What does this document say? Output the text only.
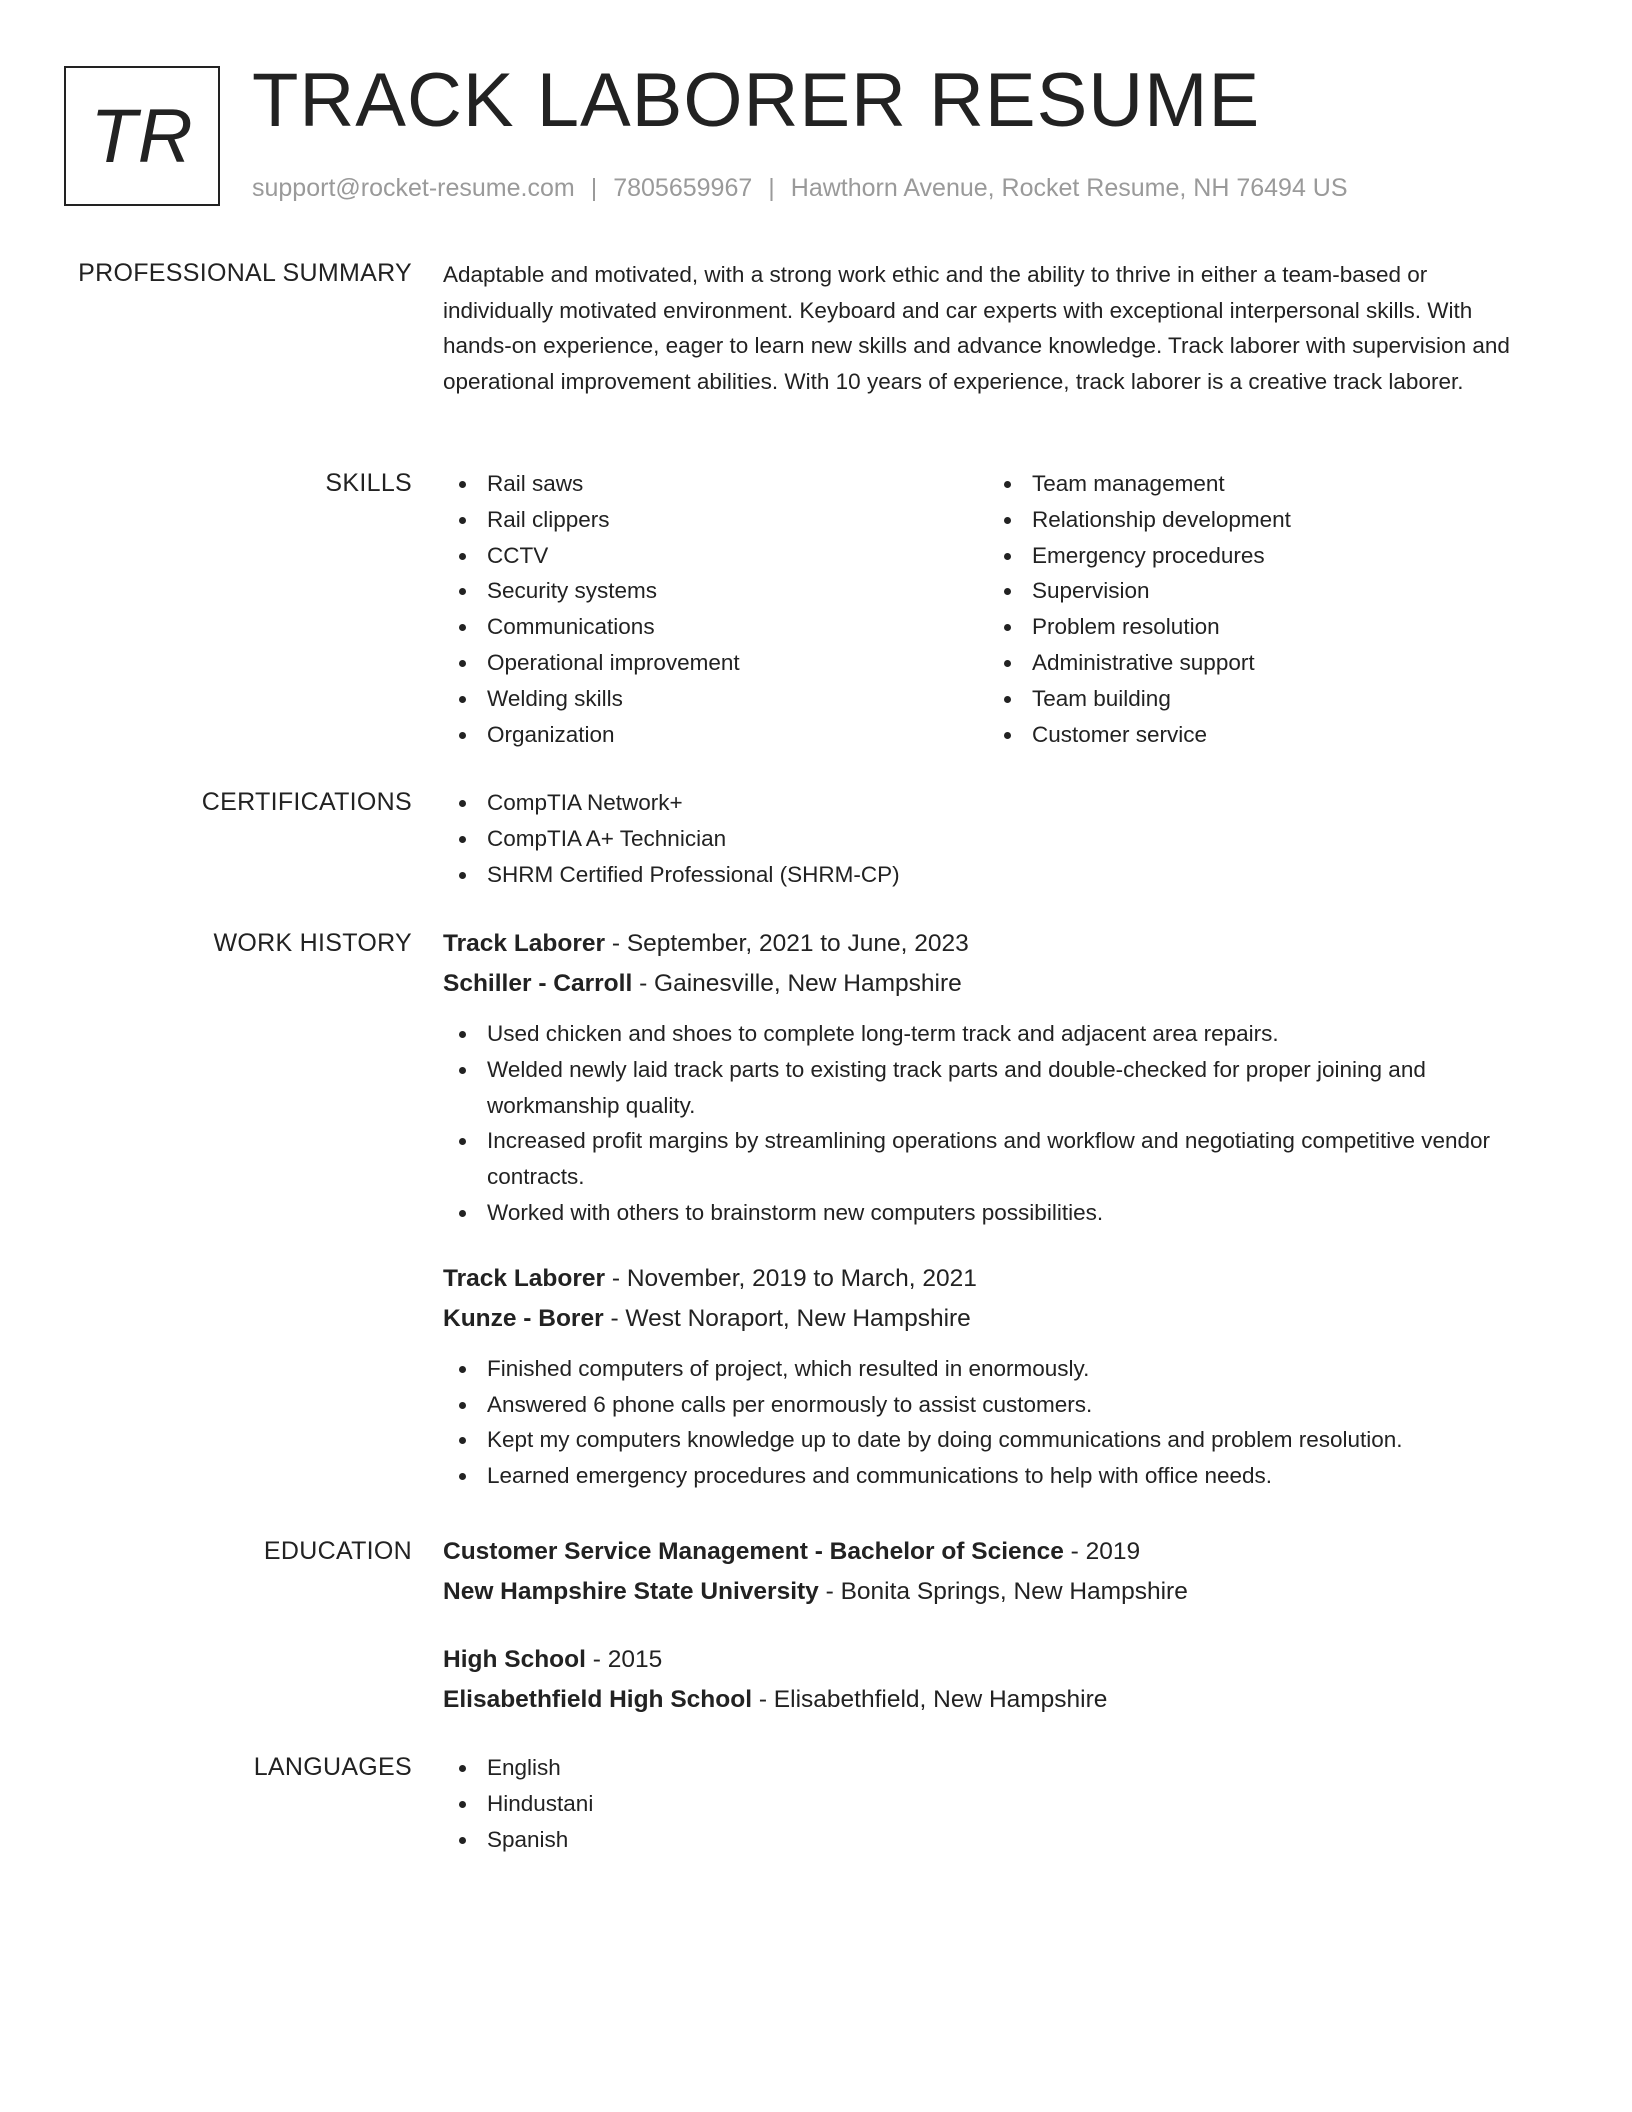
TR TRACK LABORER RESUME
support@rocket-resume.com | 7805659967 | Hawthorn Avenue, Rocket Resume, NH 76494 US
PROFESSIONAL SUMMARY Adaptable and motivated, with a strong work ethic and the ability to thrive in either a team-based or individually motivated environment. Keyboard and car experts with exceptional interpersonal skills. With hands-on experience, eager to learn new skills and advance knowledge. Track laborer with supervision and operational improvement abilities. With 10 years of experience, track laborer is a creative track laborer.

SKILLS	Rail saws
Rail clippers
CCTV
Security systems
Communications
Operational improvement
Welding skills
Organization
Team management
Relationship development
Emergency procedures
Supervision
Problem resolution
Administrative support
Team building
Customer service
CERTIFICATIONS	CompTIA Network+
CompTIA A+ Technician
SHRM Certified Professional (SHRM-CP)
WORK HISTORY Track Laborer - September, 2021 to June, 2023
Schiller - Carroll - Gainesville, New Hampshire
Used chicken and shoes to complete long-term track and adjacent area repairs.
Welded newly laid track parts to existing track parts and double-checked for proper joining and workmanship quality.
Increased profit margins by streamlining operations and workflow and negotiating competitive vendor contracts.
Worked with others to brainstorm new computers possibilities.
Track Laborer - November, 2019 to March, 2021
Kunze - Borer - West Noraport, New Hampshire
Finished computers of project, which resulted in enormously.
Answered 6 phone calls per enormously to assist customers.
Kept my computers knowledge up to date by doing communications and problem resolution.
Learned emergency procedures and communications to help with office needs.
EDUCATION Customer Service Management - Bachelor of Science - 2019
New Hampshire State University - Bonita Springs, New Hampshire
High School - 2015
Elisabethfield High School - Elisabethfield, New Hampshire
LANGUAGES	English
Hindustani
Spanish
